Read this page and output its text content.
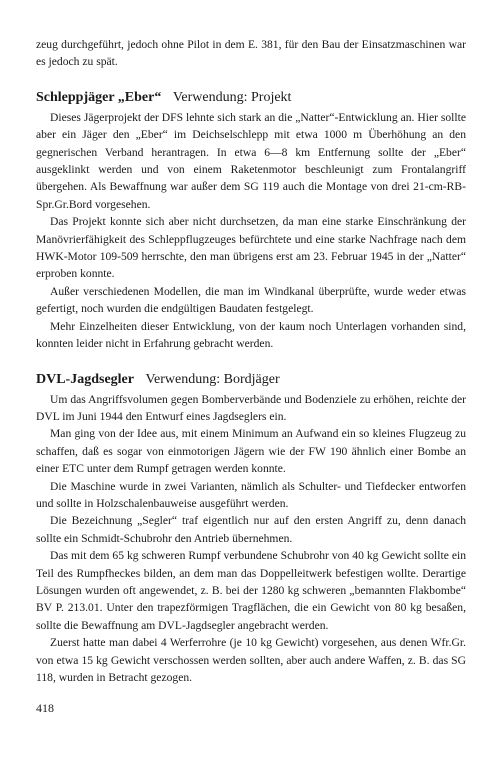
zeug durchgeführt, jedoch ohne Pilot in dem E. 381, für den Bau der Einsatzmaschinen war es jedoch zu spät.

Schleppjäger „Eber“ Verwendung: Projekt

Dieses Jägerprojekt der DFS lehnte sich stark an die „Natter“-Entwicklung an. Hier sollte aber ein Jäger den „Eber“ im Deichselschlepp mit etwa 1000 m Überhöhung an den gegnerischen Verband herantragen. In etwa 6—8 km Entfernung sollte der „Eber“ ausgeklinkt werden und von einem Raketenmotor beschleunigt zum Frontalangriff übergehen. Als Bewaffnung war außer dem SG 119 auch die Montage von drei 21-cm-RB-Spr.Gr.Bord vorgesehen.

Das Projekt konnte sich aber nicht durchsetzen, da man eine starke Einschränkung der Manövrierfähigkeit des Schleppflugzeuges befürchtete und eine starke Nachfrage nach dem HWK-Motor 109-509 herrschte, den man übrigens erst am 23. Februar 1945 in der „Natter“ erproben konnte.

Außer verschiedenen Modellen, die man im Windkanal überprüfte, wurde weder etwas gefertigt, noch wurden die endgültigen Baudaten festgelegt.

Mehr Einzelheiten dieser Entwicklung, von der kaum noch Unterlagen vorhanden sind, konnten leider nicht in Erfahrung gebracht werden.

DVL-Jagdsegler Verwendung: Bordjäger

Um das Angriffsvolumen gegen Bomberverbände und Bodenziele zu erhöhen, reichte der DVL im Juni 1944 den Entwurf eines Jagdseglers ein.

Man ging von der Idee aus, mit einem Minimum an Aufwand ein so kleines Flugzeug zu schaffen, daß es sogar von einmotorigen Jägern wie der FW 190 ähnlich einer Bombe an einer ETC unter dem Rumpf getragen werden konnte.

Die Maschine wurde in zwei Varianten, nämlich als Schulter- und Tiefdecker entworfen und sollte in Holzschalenbauweise ausgeführt werden.

Die Bezeichnung „Segler“ traf eigentlich nur auf den ersten Angriff zu, denn danach sollte ein Schmidt-Schubrohr den Antrieb übernehmen.

Das mit dem 65 kg schweren Rumpf verbundene Schubrohr von 40 kg Gewicht sollte ein Teil des Rumpfheckes bilden, an dem man das Doppelleitwerk befestigen wollte. Derartige Lösungen wurden oft angewendet, z. B. bei der 1280 kg schweren „bemannten Flakbombe“ BV P. 213.01. Unter den trapezförmigen Tragflächen, die ein Gewicht von 80 kg besaßen, sollte die Bewaffnung am DVL-Jagdsegler angebracht werden.

Zuerst hatte man dabei 4 Werferrohre (je 10 kg Gewicht) vorgesehen, aus denen Wfr.Gr. von etwa 15 kg Gewicht verschossen werden sollten, aber auch andere Waffen, z. B. das SG 118, wurden in Betracht gezogen.

418
